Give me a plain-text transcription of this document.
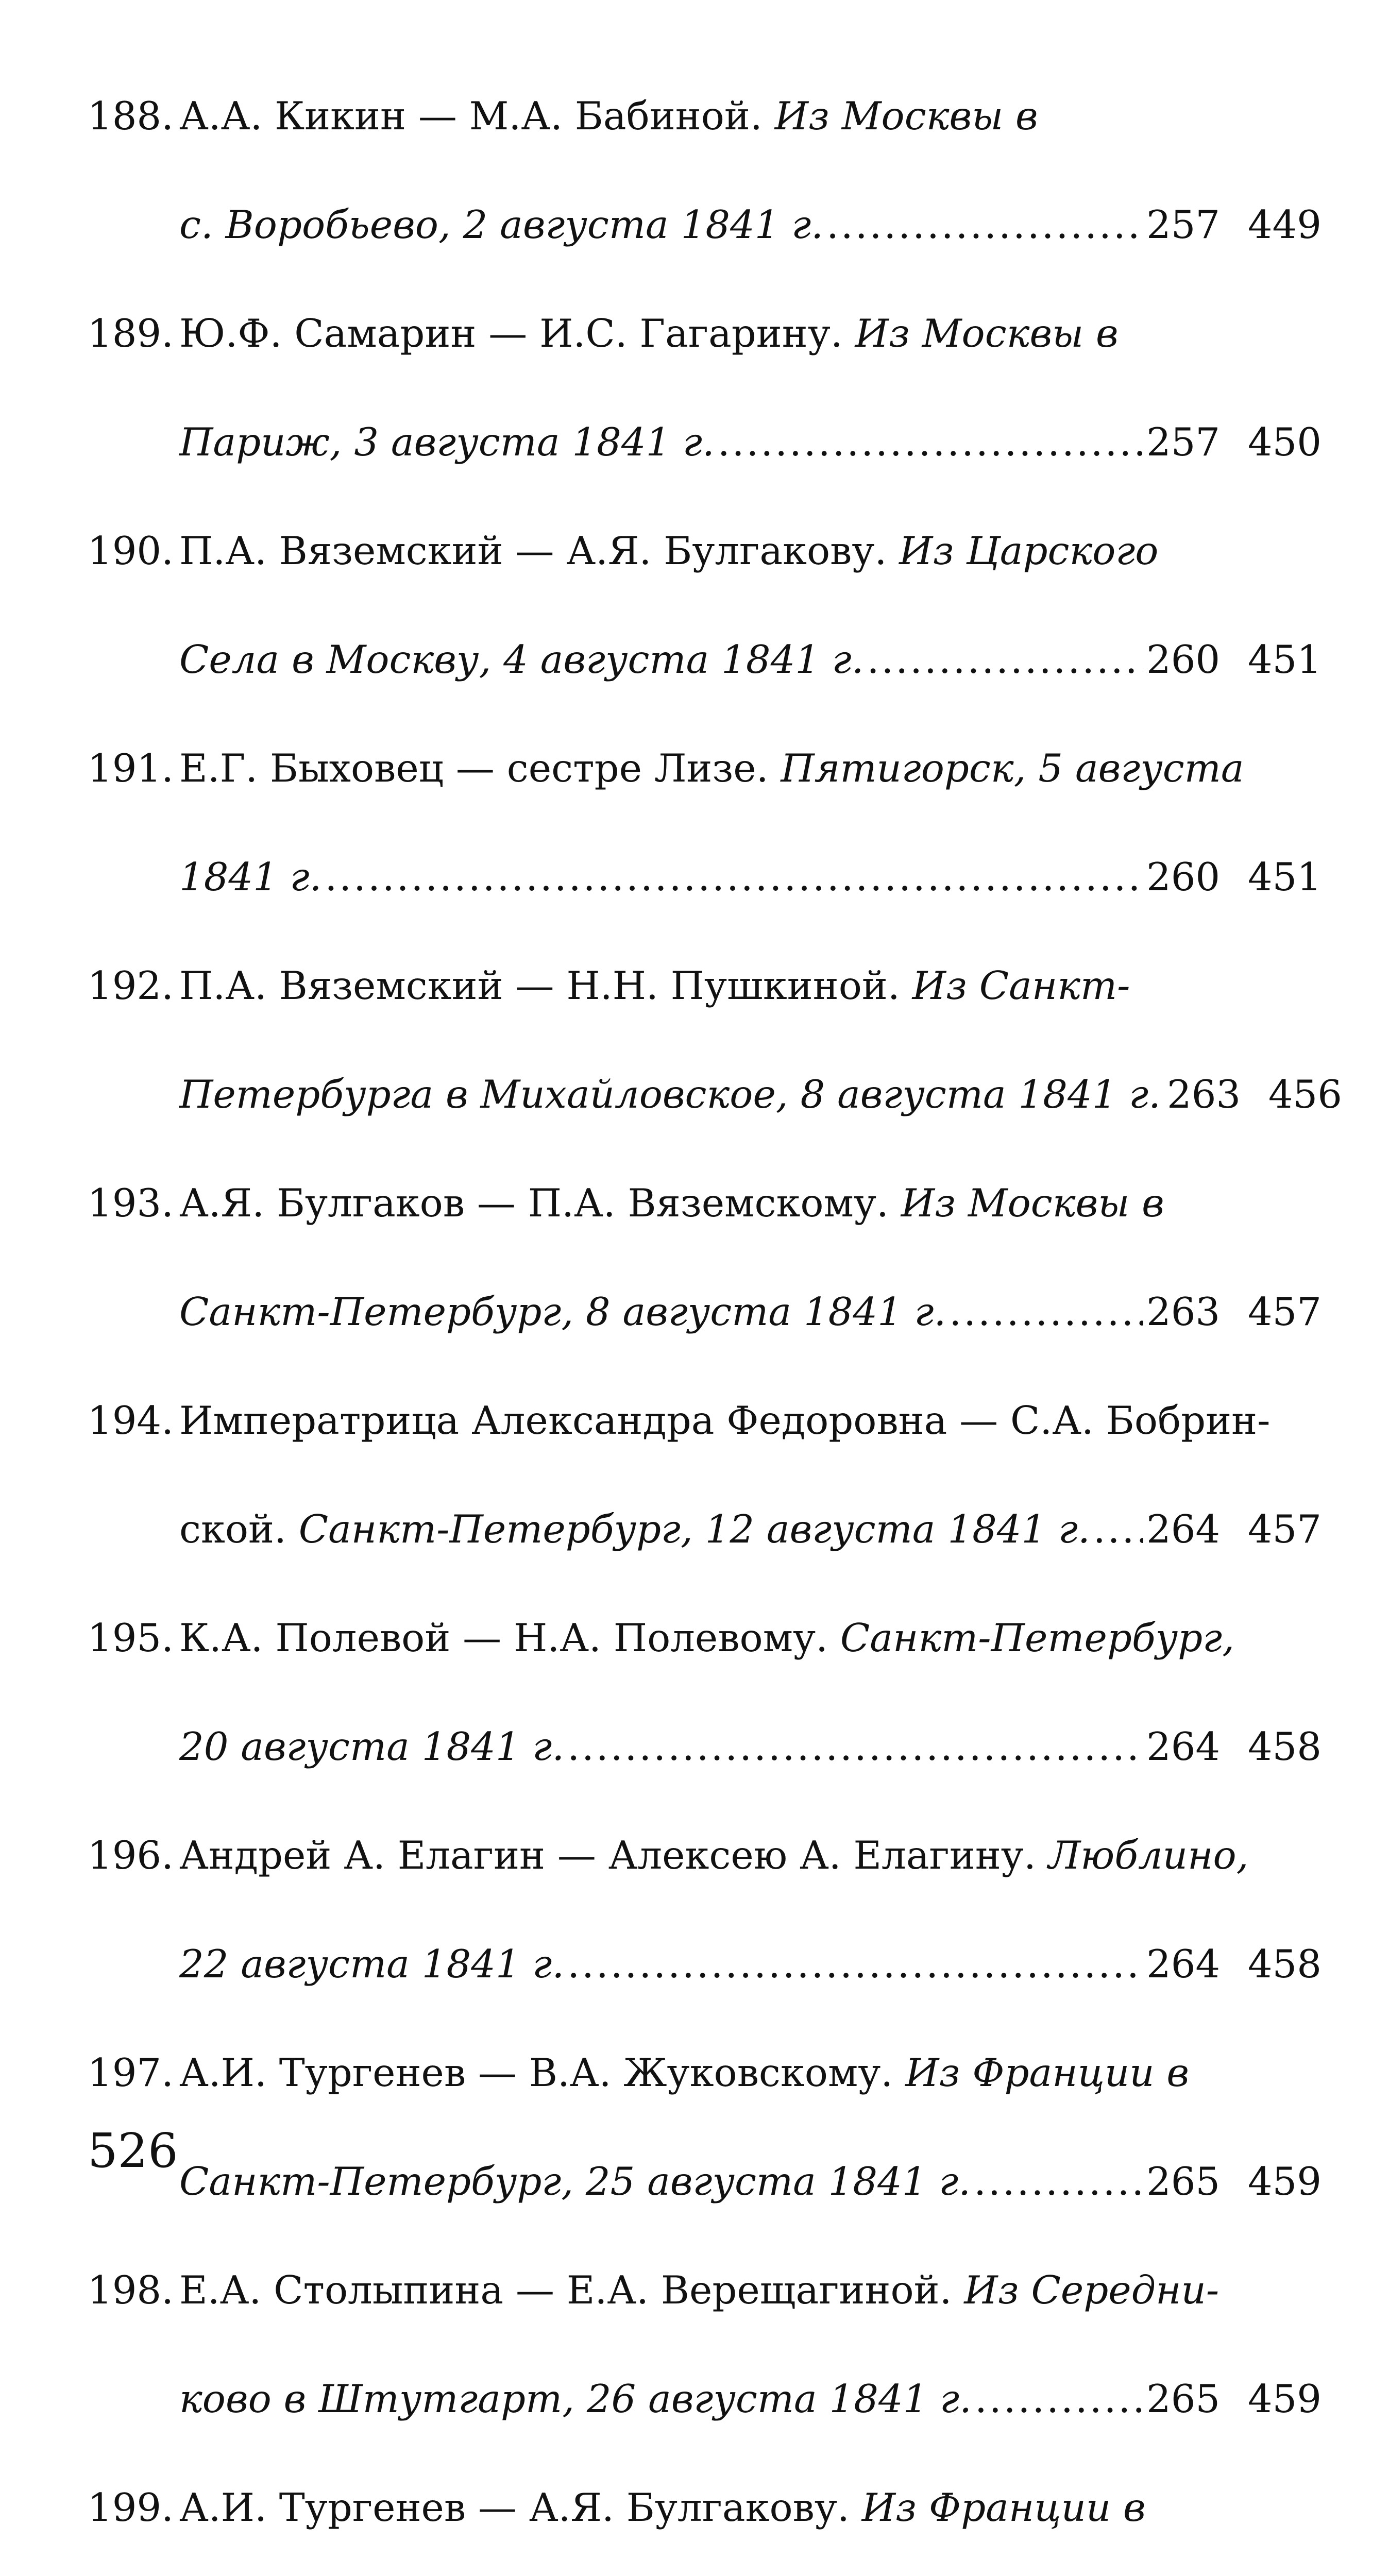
188. А.А. Кикин — М.А. Бабиной. Из Москвы в
с. Воробьево, 2 августа 1841 г. .....	257 449
189. Ю.Ф. Самарин — И.С. Гагарину. Из Москвы в
Париж, 3 августа 1841 г. .....	257 450
190. П.А. Вяземский — А.Я. Булгакову. Из Царского
Села в Москву, 4 августа 1841 г. .....	260 451
191. Е.Г. Быховец — сестре Лизе. Пятигорск, 5 августа
1841 г. .....	260 451
192. П.А. Вяземский — Н.Н. Пушкиной. Из Санкт-
Петербурга в Михайловское, 8 августа 1841 г. 263 456
193. А.Я. Булгаков — П.А. Вяземскому. Из Москвы в
Санкт-Петербург, 8 августа 1841 г. .....	263 457
194. Императрица Александра Федоровна — С.А. Бобрин-
ской. Санкт-Петербург, 12 августа 1841 г. ..... 264 457
195. К.А. Полевой — Н.А. Полевому. Санкт-Петербург,
20 августа 1841 г. .....	264 458
196. Андрей А. Елагин — Алексею А. Елагину. Люблино,
22 августа 1841 г. .....	264 458
197. А.И. Тургенев — В.А. Жуковскому. Из Франции в
Санкт-Петербург, 25 августа 1841 г. .....	265 459
198. Е.А. Столыпина — Е.А. Верещагиной. Из Середни-
ково в Штутгарт, 26 августа 1841 г. .....	265 459
199. А.И. Тургенев — А.Я. Булгакову. Из Франции в
.....
526
